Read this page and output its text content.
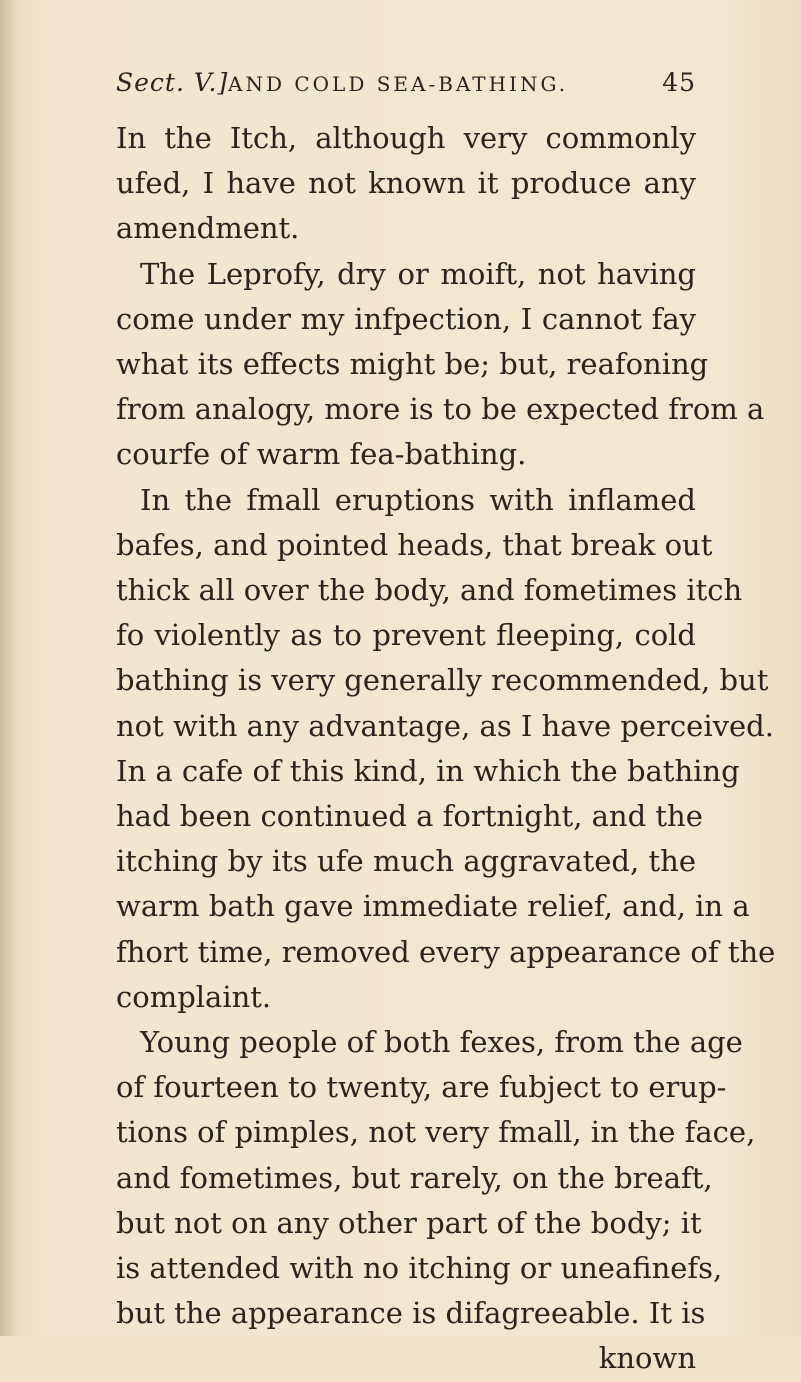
Sect. V.] AND COLD SEA-BATHING.	45
In the Itch, although very commonly
ufed, I have not known it produce any
amendment.
The Leprofy, dry or moift, not having
come under my infpection, I cannot fay
what its effects might be; but, reafoning
from analogy, more is to be expected from a
courfe of warm fea-bathing.
In the fmall eruptions with inflamed
bafes, and pointed heads, that break out
thick all over the body, and fometimes itch
fo violently as to prevent fleeping, cold
bathing is very generally recommended, but
not with any advantage, as I have perceived.
In a cafe of this kind, in which the bathing
had been continued a fortnight, and the
itching by its ufe much aggravated, the
warm bath gave immediate relief, and, in a
fhort time, removed every appearance of the
complaint.
Young people of both fexes, from the age
of fourteen to twenty, are fubject to erup-
tions of pimples, not very fmall, in the face,
and fometimes, but rarely, on the breaft,
but not on any other part of the body; it
is attended with no itching or uneafinefs,
but the appearance is difagreeable. It is
known
